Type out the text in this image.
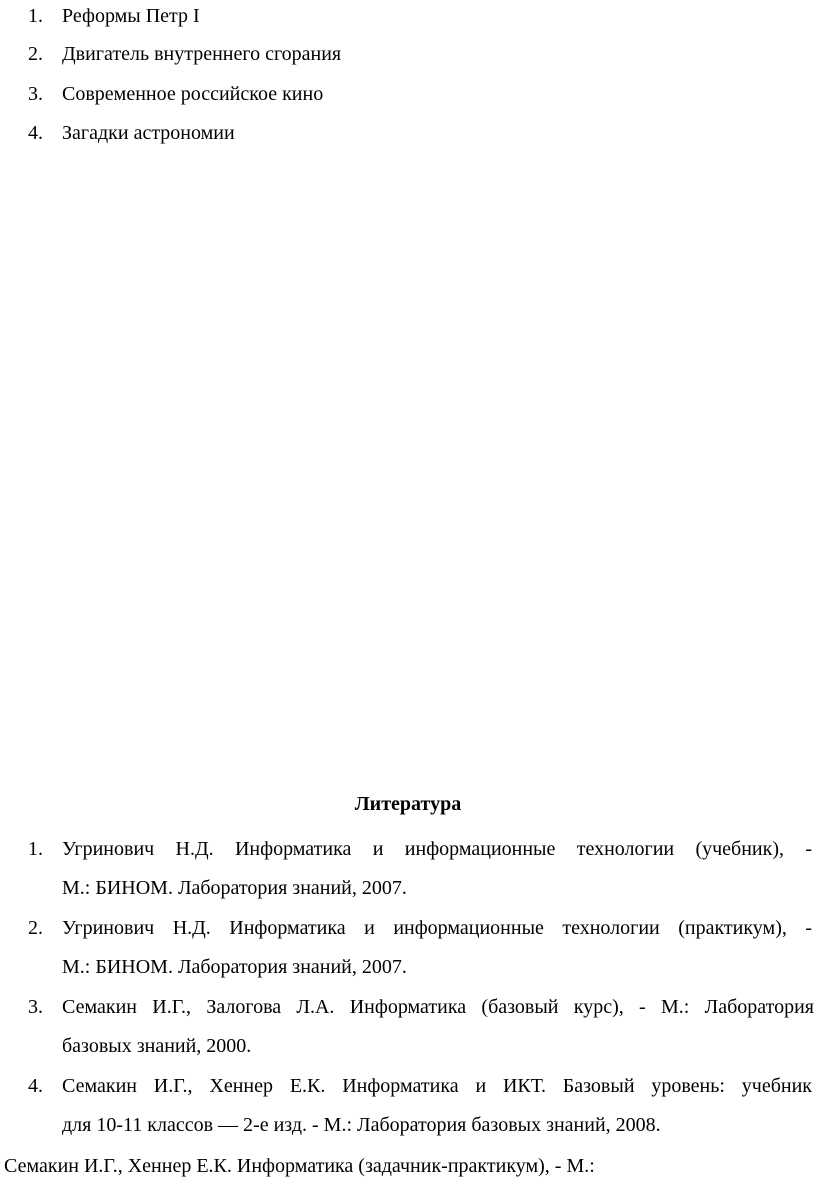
1. Реформы Петр I
2. Двигатель внутреннего сгорания
3. Современное российское кино
4. Загадки астрономии
Литература
1. Угринович Н.Д. Информатика и информационные технологии (учебник), -
М.: БИНОМ. Лаборатория знаний, 2007.
2. Угринович Н.Д. Информатика и информационные технологии (практикум), -
М.: БИНОМ. Лаборатория знаний, 2007.
3. Семакин И.Г., Залогова Л.А. Информатика (базовый курс), - М.: Лаборатория
базовых знаний, 2000.
4. Семакин И.Г., Хеннер Е.К. Информатика и ИКТ. Базовый уровень: учебник
для 10-11 классов — 2-е изд. - М.: Лаборатория базовых знаний, 2008.
Семакин И.Г., Хеннер Е.К. Информатика (задачник-практикум), - М.:
